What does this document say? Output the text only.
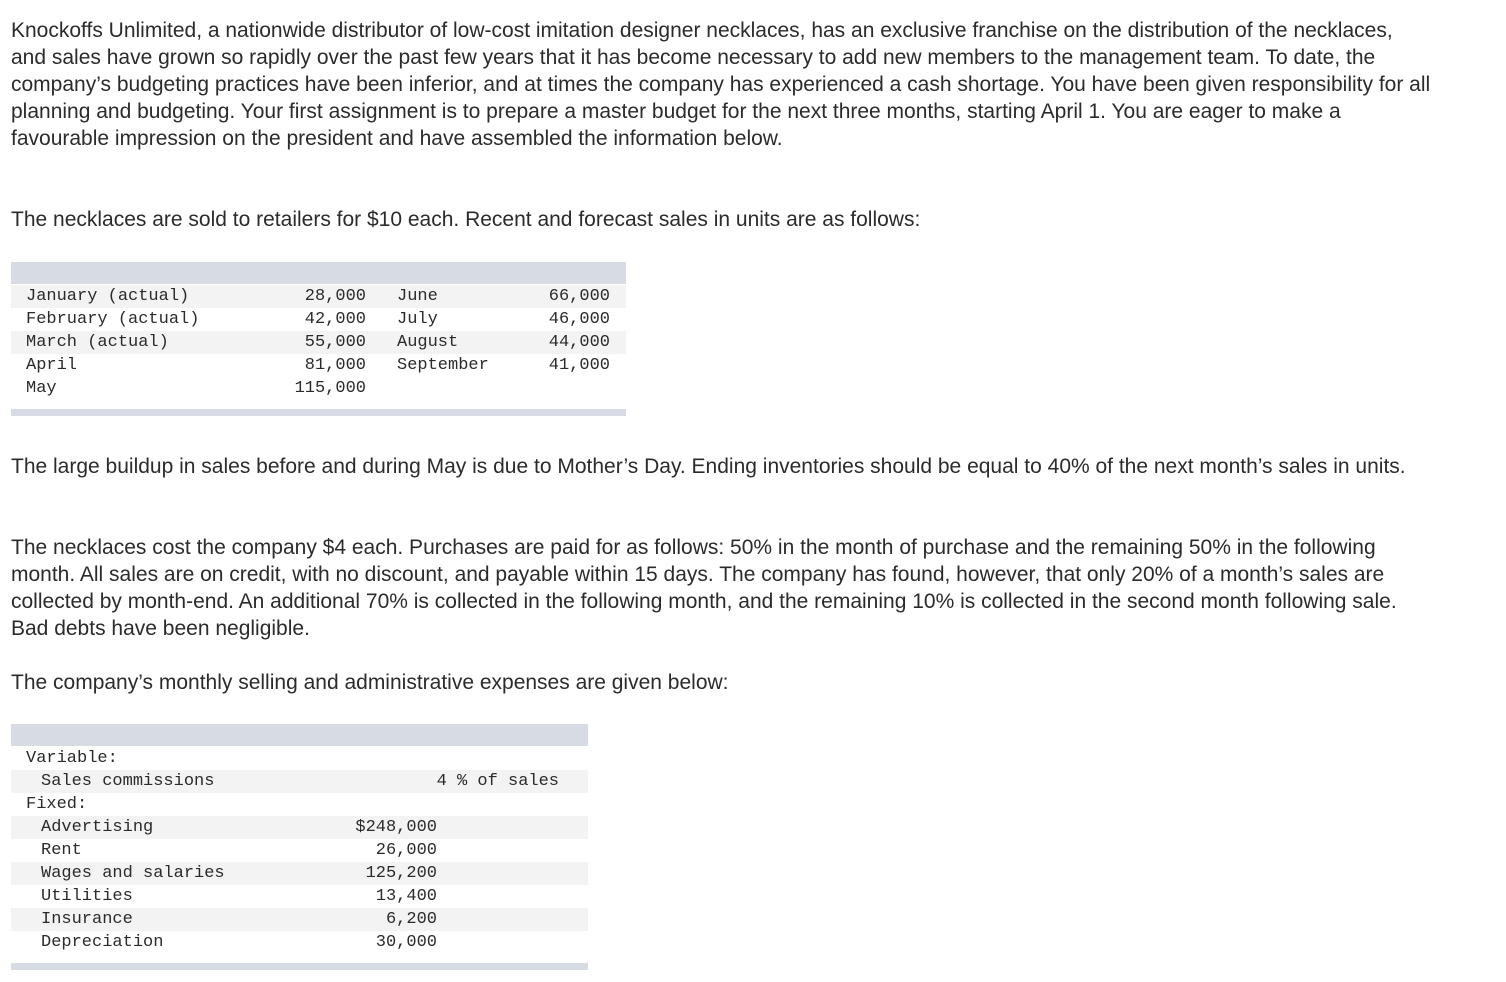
Knockoffs Unlimited, a nationwide distributor of low-cost imitation designer necklaces, has an exclusive franchise on the distribution of the necklaces, and sales have grown so rapidly over the past few years that it has become necessary to add new members to the management team. To date, the company’s budgeting practices have been inferior, and at times the company has experienced a cash shortage. You have been given responsibility for all planning and budgeting. Your first assignment is to prepare a master budget for the next three months, starting April 1. You are eager to make a favourable impression on the president and have assembled the information below.

The necklaces are sold to retailers for $10 each. Recent and forecast sales in units are as follows:

January (actual)	28,000 June	66,000
February (actual)	42,000 July	46,000
March (actual)	55,000 August	44,000
April	81,000 September	41,000
May	115,000

The large buildup in sales before and during May is due to Mother’s Day. Ending inventories should be equal to 40% of the next month’s sales in units.

The necklaces cost the company $4 each. Purchases are paid for as follows: 50% in the month of purchase and the remaining 50% in the following month. All sales are on credit, with no discount, and payable within 15 days. The company has found, however, that only 20% of a month’s sales are collected by month-end. An additional 70% is collected in the following month, and the remaining 10% is collected in the second month following sale. Bad debts have been negligible.

The company’s monthly selling and administrative expenses are given below:

Variable:
Sales commissions	4 % of sales
Fixed:
Advertising	$248,000
Rent	26,000
Wages and salaries	125,200
Utilities	13,400
Insurance	6,200
Depreciation	30,000
